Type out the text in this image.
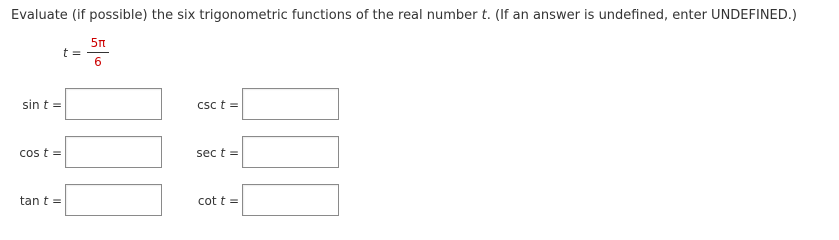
Evaluate (if possible) the six trigonometric functions of the real number t. (If an answer is undefined, enter UNDEFINED.)
t =
5π
6
sin t =	csc t =
cos t =	sec t =
tan t =	cot t =
